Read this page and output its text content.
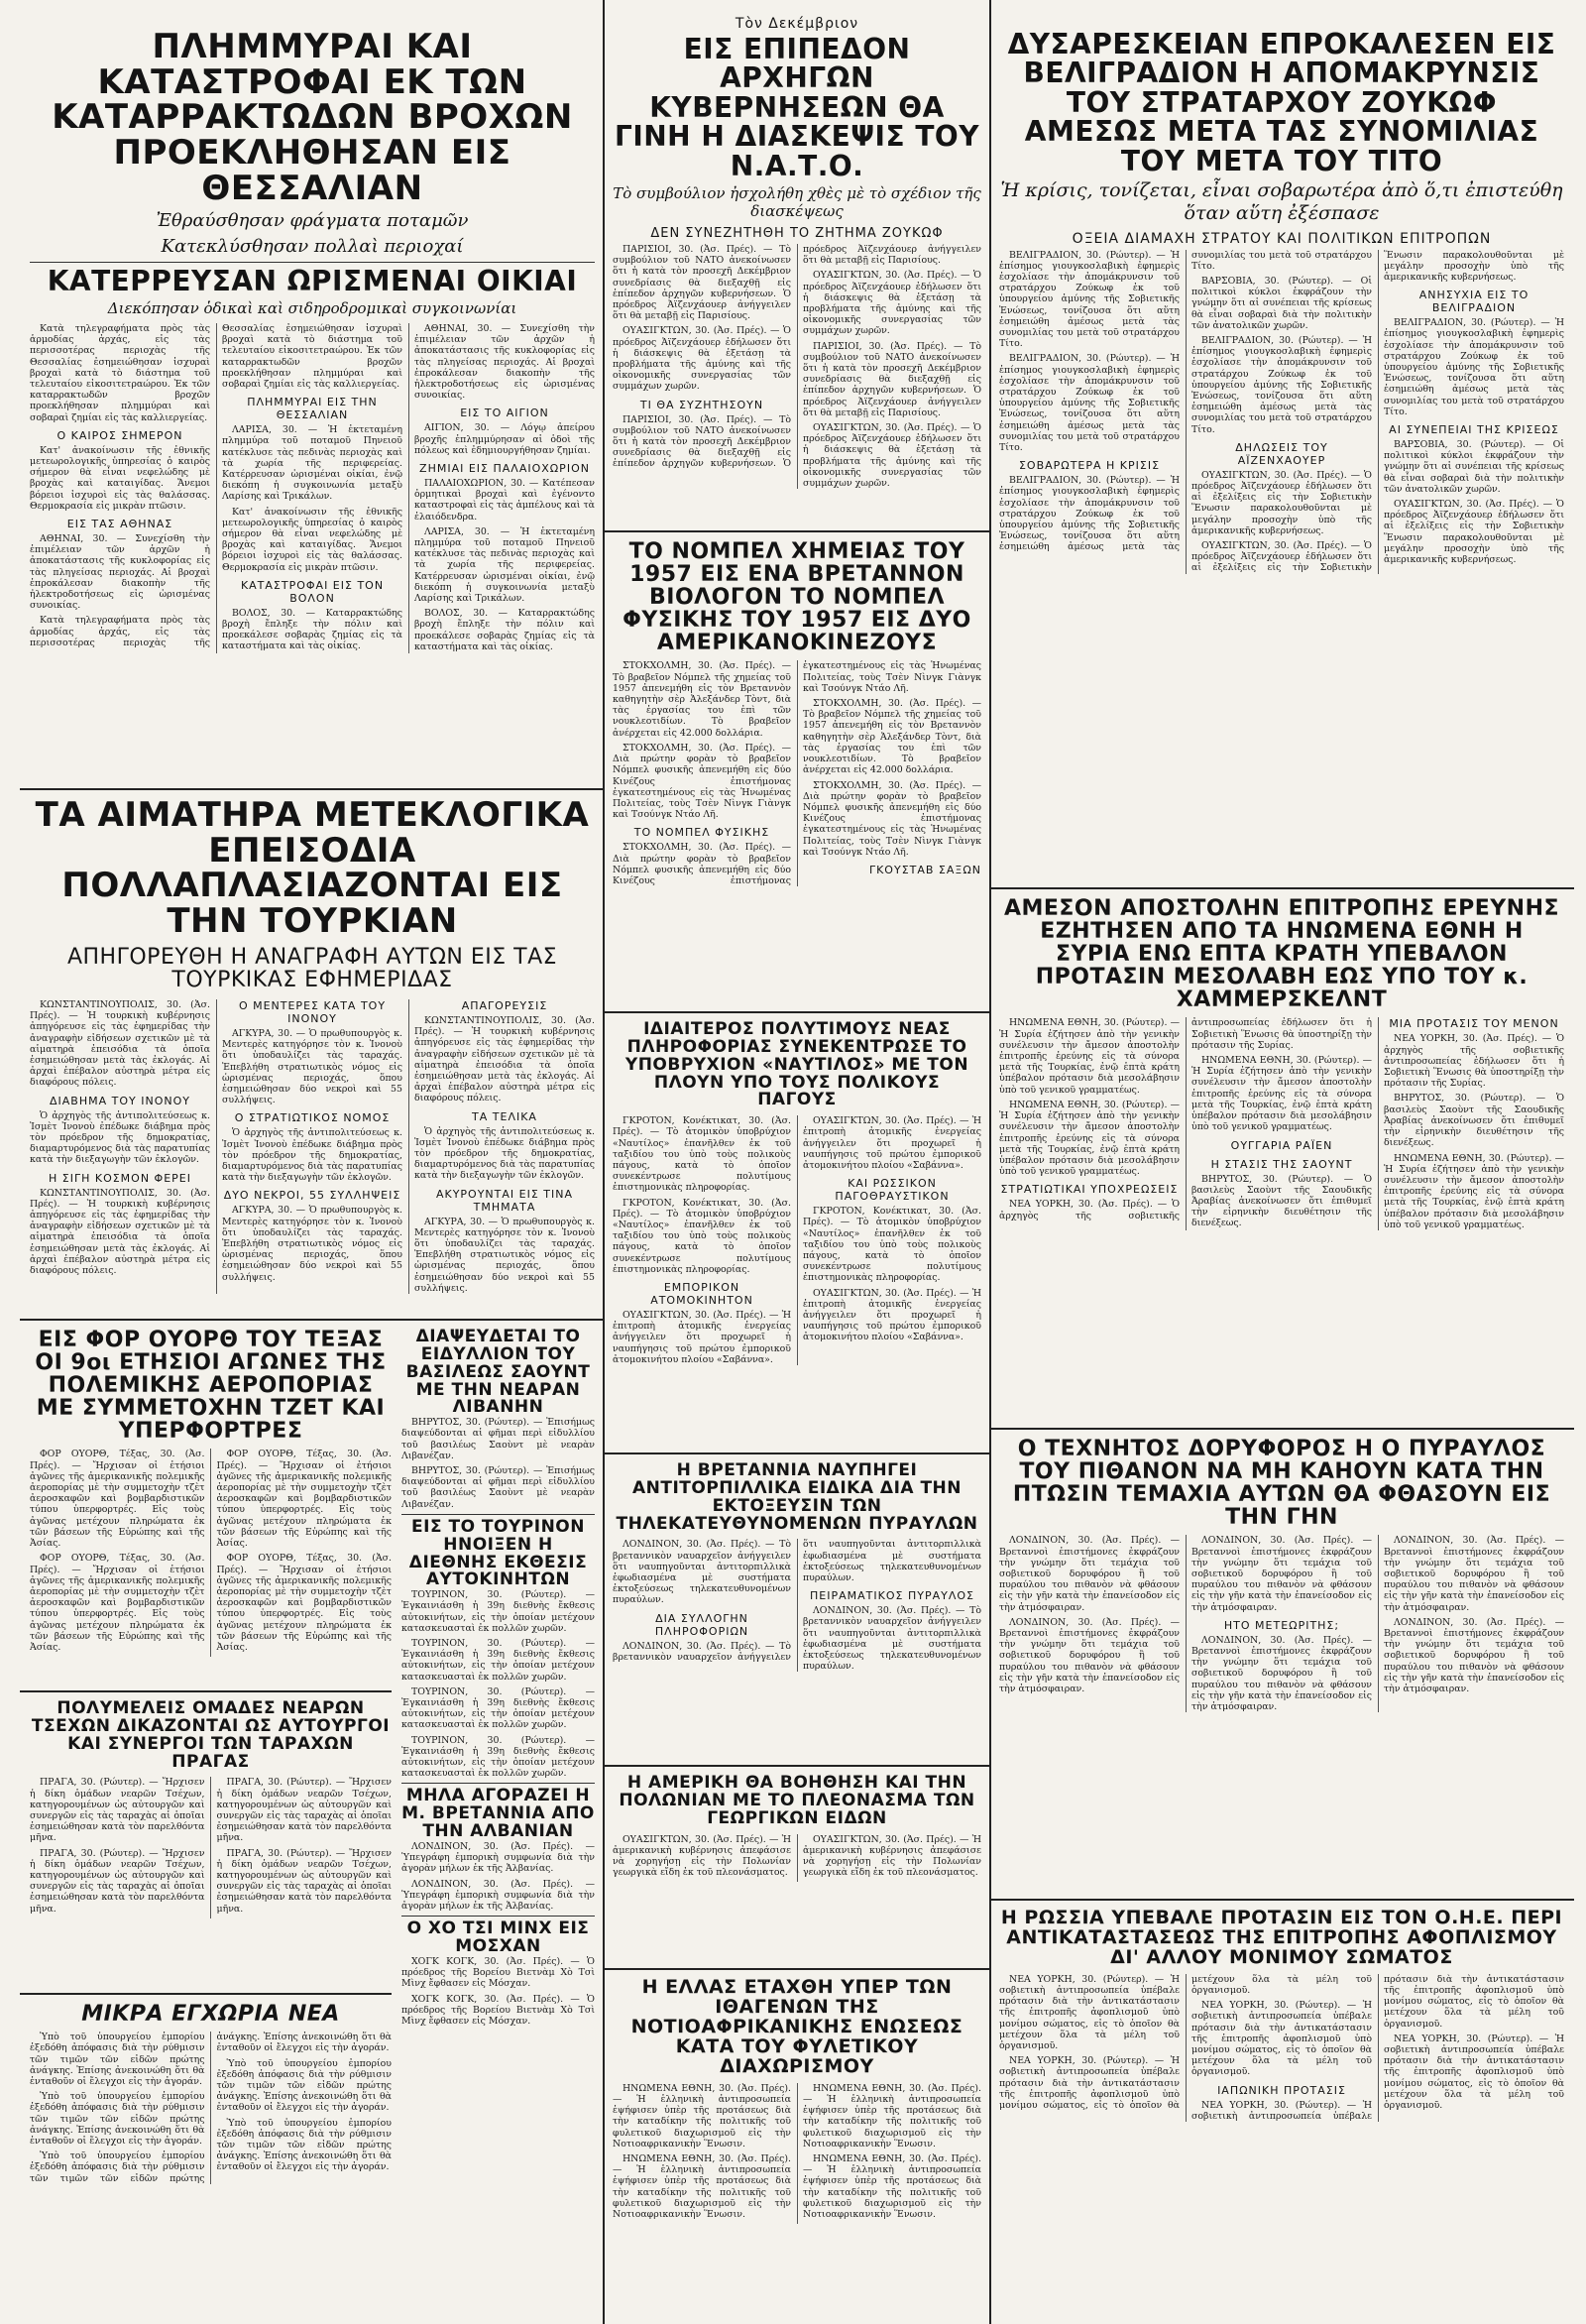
ΠΛΗΜΜΥΡΑΙ ΚΑΙ ΚΑΤΑΣΤΡΟΦΑΙ ΕΚ ΤΩΝ ΚΑΤΑΡΡΑΚΤΩΔΩΝ ΒΡΟΧΩΝ ΠΡΟΕΚΛΗΘΗΣΑΝ ΕΙΣ ΘΕΣΣΑΛΙΑΝ

Ἐθραύσθησαν φράγματα ποταμῶν

Κατεκλύσθησαν πολλαὶ περιοχαί

ΚΑΤΕΡΡΕΥΣΑΝ ΩΡΙΣΜΕΝΑΙ ΟΙΚΙΑΙ

Διεκόπησαν ὁδικαὶ καὶ σιδηροδρομικαὶ συγκοινωνίαι

Κατὰ τηλεγραφήματα πρὸς τὰς ἁρμοδίας ἀρχάς, εἰς τὰς περισσοτέρας περιοχὰς τῆς Θεσσαλίας ἐσημειώθησαν ἰσχυραὶ βροχαὶ κατὰ τὸ διάστημα τοῦ τελευταίου εἰκοσιτετραώρου. Ἐκ τῶν καταρρακτωδῶν βροχῶν προεκλήθησαν πλημμύραι καὶ σοβαραὶ ζημίαι εἰς τὰς καλλιεργείας.

Ο ΚΑΙΡΟΣ ΣΗΜΕΡΟΝ

Κατ' ἀνακοίνωσιν τῆς ἐθνικῆς μετεωρολογικῆς ὑπηρεσίας ὁ καιρὸς σήμερον θὰ εἶναι νεφελώδης μὲ βροχὰς καὶ καταιγίδας. Ἄνεμοι βόρειοι ἰσχυροὶ εἰς τὰς θαλάσσας. Θερμοκρασία εἰς μικρὰν πτῶσιν.

ΕΙΣ ΤΑΣ ΑΘΗΝΑΣ

ΑΘΗΝΑΙ, 30. — Συνεχίσθη τὴν ἐπιμέλειαν τῶν ἀρχῶν ἡ ἀποκατάστασις τῆς κυκλοφορίας εἰς τὰς πληγείσας περιοχάς. Αἱ βροχαὶ ἐπροκάλεσαν διακοπὴν τῆς ἠλεκτροδοτήσεως εἰς ὡρισμένας συνοικίας.

Κατὰ τηλεγραφήματα πρὸς τὰς ἁρμοδίας ἀρχάς, εἰς τὰς περισσοτέρας περιοχὰς τῆς Θεσσαλίας ἐσημειώθησαν ἰσχυραὶ βροχαὶ κατὰ τὸ διάστημα τοῦ τελευταίου εἰκοσιτετραώρου. Ἐκ τῶν καταρρακτωδῶν βροχῶν προεκλήθησαν πλημμύραι καὶ σοβαραὶ ζημίαι εἰς τὰς καλλιεργείας.

ΠΛΗΜΜΥΡΑΙ ΕΙΣ ΤΗΝ ΘΕΣΣΑΛΙΑΝ

ΛΑΡΙΣΑ, 30. — Ἡ ἐκτεταμένη πλημμύρα τοῦ ποταμοῦ Πηνειοῦ κατέκλυσε τὰς πεδινὰς περιοχὰς καὶ τὰ χωρία τῆς περιφερείας. Κατέρρευσαν ὡρισμέναι οἰκίαι, ἐνῷ διεκόπη ἡ συγκοινωνία μεταξὺ Λαρίσης καὶ Τρικάλων.

Κατ' ἀνακοίνωσιν τῆς ἐθνικῆς μετεωρολογικῆς ὑπηρεσίας ὁ καιρὸς σήμερον θὰ εἶναι νεφελώδης μὲ βροχὰς καὶ καταιγίδας. Ἄνεμοι βόρειοι ἰσχυροὶ εἰς τὰς θαλάσσας. Θερμοκρασία εἰς μικρὰν πτῶσιν.

ΚΑΤΑΣΤΡΟΦΑΙ ΕΙΣ ΤΟΝ ΒΟΛΟΝ

ΒΟΛΟΣ, 30. — Καταρρακτώδης βροχὴ ἔπληξε τὴν πόλιν καὶ προεκάλεσε σοβαρὰς ζημίας εἰς τὰ καταστήματα καὶ τὰς οἰκίας.

ΑΘΗΝΑΙ, 30. — Συνεχίσθη τὴν ἐπιμέλειαν τῶν ἀρχῶν ἡ ἀποκατάστασις τῆς κυκλοφορίας εἰς τὰς πληγείσας περιοχάς. Αἱ βροχαὶ ἐπροκάλεσαν διακοπὴν τῆς ἠλεκτροδοτήσεως εἰς ὡρισμένας συνοικίας.

ΕΙΣ ΤΟ ΑΙΓΙΟΝ

ΑΙΓΙΟΝ, 30. — Λόγῳ ἀπείρου βροχῆς ἐπλημμύρησαν αἱ ὁδοὶ τῆς πόλεως καὶ ἐδημιουργήθησαν ζημίαι.

ΖΗΜΙΑΙ ΕΙΣ ΠΑΛΑΙΟΧΩΡΙΟΝ

ΠΑΛΑΙΟΧΩΡΙΟΝ, 30. — Κατέπεσαν ὀρμητικαὶ βροχαὶ καὶ ἐγένοντο καταστροφαὶ εἰς τὰς ἀμπέλους καὶ τὰ ἐλαιόδενδρα.

ΛΑΡΙΣΑ, 30. — Ἡ ἐκτεταμένη πλημμύρα τοῦ ποταμοῦ Πηνειοῦ κατέκλυσε τὰς πεδινὰς περιοχὰς καὶ τὰ χωρία τῆς περιφερείας. Κατέρρευσαν ὡρισμέναι οἰκίαι, ἐνῷ διεκόπη ἡ συγκοινωνία μεταξὺ Λαρίσης καὶ Τρικάλων.

ΒΟΛΟΣ, 30. — Καταρρακτώδης βροχὴ ἔπληξε τὴν πόλιν καὶ προεκάλεσε σοβαρὰς ζημίας εἰς τὰ καταστήματα καὶ τὰς οἰκίας.

ΤΑ ΑΙΜΑΤΗΡΑ ΜΕΤΕΚΛΟΓΙΚΑ ΕΠΕΙΣΟΔΙΑ ΠΟΛΛΑΠΛΑΣΙΑΖΟΝΤΑΙ ΕΙΣ ΤΗΝ ΤΟΥΡΚΙΑΝ

ΑΠΗΓΟΡΕΥΘΗ Η ΑΝΑΓΡΑΦΗ ΑΥΤΩΝ ΕΙΣ ΤΑΣ ΤΟΥΡΚΙΚΑΣ ΕΦΗΜΕΡΙΔΑΣ

ΚΩΝΣΤΑΝΤΙΝΟΥΠΟΛΙΣ, 30. (Ἀσ. Πρές). — Ἡ τουρκικὴ κυβέρνησις ἀπηγόρευσε εἰς τὰς ἐφημερίδας τὴν ἀναγραφὴν εἰδήσεων σχετικῶν μὲ τὰ αἱματηρὰ ἐπεισόδια τὰ ὁποῖα ἐσημειώθησαν μετὰ τὰς ἐκλογάς. Αἱ ἀρχαὶ ἐπέβαλον αὐστηρὰ μέτρα εἰς διαφόρους πόλεις.

ΔΙΑΒΗΜΑ ΤΟΥ ΙΝΟΝΟΥ

Ὁ ἀρχηγὸς τῆς ἀντιπολιτεύσεως κ. Ἰσμὲτ Ἰνονοὺ ἐπέδωκε διάβημα πρὸς τὸν πρόεδρον τῆς δημοκρατίας, διαμαρτυρόμενος διὰ τὰς παρατυπίας κατὰ τὴν διεξαγωγὴν τῶν ἐκλογῶν.

Η ΣΙΓΗ ΚΟΣΜΟΝ ΦΕΡΕΙ

ΚΩΝΣΤΑΝΤΙΝΟΥΠΟΛΙΣ, 30. (Ἀσ. Πρές). — Ἡ τουρκικὴ κυβέρνησις ἀπηγόρευσε εἰς τὰς ἐφημερίδας τὴν ἀναγραφὴν εἰδήσεων σχετικῶν μὲ τὰ αἱματηρὰ ἐπεισόδια τὰ ὁποῖα ἐσημειώθησαν μετὰ τὰς ἐκλογάς. Αἱ ἀρχαὶ ἐπέβαλον αὐστηρὰ μέτρα εἰς διαφόρους πόλεις.

Ο ΜΕΝΤΕΡΕΣ ΚΑΤΑ ΤΟΥ ΙΝΟΝΟΥ

ΑΓΚΥΡΑ, 30. — Ὁ πρωθυπουργὸς κ. Μεντερὲς κατηγόρησε τὸν κ. Ἰνονοὺ ὅτι ὑποδαυλίζει τὰς ταραχάς. Ἐπεβλήθη στρατιωτικὸς νόμος εἰς ὡρισμένας περιοχάς, ὅπου ἐσημειώθησαν δύο νεκροὶ καὶ 55 συλλήψεις.

Ο ΣΤΡΑΤΙΩΤΙΚΟΣ ΝΟΜΟΣ

Ὁ ἀρχηγὸς τῆς ἀντιπολιτεύσεως κ. Ἰσμὲτ Ἰνονοὺ ἐπέδωκε διάβημα πρὸς τὸν πρόεδρον τῆς δημοκρατίας, διαμαρτυρόμενος διὰ τὰς παρατυπίας κατὰ τὴν διεξαγωγὴν τῶν ἐκλογῶν.

ΔΥΟ ΝΕΚΡΟΙ, 55 ΣΥΛΛΗΨΕΙΣ

ΑΓΚΥΡΑ, 30. — Ὁ πρωθυπουργὸς κ. Μεντερὲς κατηγόρησε τὸν κ. Ἰνονοὺ ὅτι ὑποδαυλίζει τὰς ταραχάς. Ἐπεβλήθη στρατιωτικὸς νόμος εἰς ὡρισμένας περιοχάς, ὅπου ἐσημειώθησαν δύο νεκροὶ καὶ 55 συλλήψεις.

ΑΠΑΓΟΡΕΥΣΙΣ

ΚΩΝΣΤΑΝΤΙΝΟΥΠΟΛΙΣ, 30. (Ἀσ. Πρές). — Ἡ τουρκικὴ κυβέρνησις ἀπηγόρευσε εἰς τὰς ἐφημερίδας τὴν ἀναγραφὴν εἰδήσεων σχετικῶν μὲ τὰ αἱματηρὰ ἐπεισόδια τὰ ὁποῖα ἐσημειώθησαν μετὰ τὰς ἐκλογάς. Αἱ ἀρχαὶ ἐπέβαλον αὐστηρὰ μέτρα εἰς διαφόρους πόλεις.

ΤΑ ΤΕΛΙΚΑ

Ὁ ἀρχηγὸς τῆς ἀντιπολιτεύσεως κ. Ἰσμὲτ Ἰνονοὺ ἐπέδωκε διάβημα πρὸς τὸν πρόεδρον τῆς δημοκρατίας, διαμαρτυρόμενος διὰ τὰς παρατυπίας κατὰ τὴν διεξαγωγὴν τῶν ἐκλογῶν.

ΑΚΥΡΟΥΝΤΑΙ ΕΙΣ ΤΙΝΑ ΤΜΗΜΑΤΑ

ΑΓΚΥΡΑ, 30. — Ὁ πρωθυπουργὸς κ. Μεντερὲς κατηγόρησε τὸν κ. Ἰνονοὺ ὅτι ὑποδαυλίζει τὰς ταραχάς. Ἐπεβλήθη στρατιωτικὸς νόμος εἰς ὡρισμένας περιοχάς, ὅπου ἐσημειώθησαν δύο νεκροὶ καὶ 55 συλλήψεις.

ΕΙΣ ΦΟΡ ΟΥΟΡΘ ΤΟΥ ΤΕΞΑΣ ΟΙ 9οι ΕΤΗΣΙΟΙ ΑΓΩΝΕΣ ΤΗΣ ΠΟΛΕΜΙΚΗΣ ΑΕΡΟΠΟΡΙΑΣ ΜΕ ΣΥΜΜΕΤΟΧΗΝ ΤΖΕΤ ΚΑΙ ΥΠΕΡΦΟΡΤΡΕΣ

ΦΟΡ ΟΥΟΡΘ, Τέξας, 30. (Ἀσ. Πρές). — Ἤρχισαν οἱ ἐτήσιοι ἀγῶνες τῆς ἀμερικανικῆς πολεμικῆς ἀεροπορίας μὲ τὴν συμμετοχὴν τζὲτ ἀεροσκαφῶν καὶ βομβαρδιστικῶν τύπου ὑπερφορτρές. Εἰς τοὺς ἀγῶνας μετέχουν πληρώματα ἐκ τῶν βάσεων τῆς Εὐρώπης καὶ τῆς Ἀσίας.

ΦΟΡ ΟΥΟΡΘ, Τέξας, 30. (Ἀσ. Πρές). — Ἤρχισαν οἱ ἐτήσιοι ἀγῶνες τῆς ἀμερικανικῆς πολεμικῆς ἀεροπορίας μὲ τὴν συμμετοχὴν τζὲτ ἀεροσκαφῶν καὶ βομβαρδιστικῶν τύπου ὑπερφορτρές. Εἰς τοὺς ἀγῶνας μετέχουν πληρώματα ἐκ τῶν βάσεων τῆς Εὐρώπης καὶ τῆς Ἀσίας.

ΦΟΡ ΟΥΟΡΘ, Τέξας, 30. (Ἀσ. Πρές). — Ἤρχισαν οἱ ἐτήσιοι ἀγῶνες τῆς ἀμερικανικῆς πολεμικῆς ἀεροπορίας μὲ τὴν συμμετοχὴν τζὲτ ἀεροσκαφῶν καὶ βομβαρδιστικῶν τύπου ὑπερφορτρές. Εἰς τοὺς ἀγῶνας μετέχουν πληρώματα ἐκ τῶν βάσεων τῆς Εὐρώπης καὶ τῆς Ἀσίας.

ΦΟΡ ΟΥΟΡΘ, Τέξας, 30. (Ἀσ. Πρές). — Ἤρχισαν οἱ ἐτήσιοι ἀγῶνες τῆς ἀμερικανικῆς πολεμικῆς ἀεροπορίας μὲ τὴν συμμετοχὴν τζὲτ ἀεροσκαφῶν καὶ βομβαρδιστικῶν τύπου ὑπερφορτρές. Εἰς τοὺς ἀγῶνας μετέχουν πληρώματα ἐκ τῶν βάσεων τῆς Εὐρώπης καὶ τῆς Ἀσίας.

ΔΙΑΨΕΥΔΕΤΑΙ ΤΟ ΕΙΔΥΛΛΙΟΝ ΤΟΥ ΒΑΣΙΛΕΩΣ ΣΑΟΥΝΤ ΜΕ ΤΗΝ ΝΕΑΡΑΝ ΛΙΒΑΝΗΝ

ΒΗΡΥΤΟΣ, 30. (Ρώυτερ). — Ἐπισήμως διαψεύδονται αἱ φῆμαι περὶ εἰδυλλίου τοῦ βασιλέως Σαοὺντ μὲ νεαρὰν Λιβανέζαν.

ΒΗΡΥΤΟΣ, 30. (Ρώυτερ). — Ἐπισήμως διαψεύδονται αἱ φῆμαι περὶ εἰδυλλίου τοῦ βασιλέως Σαοὺντ μὲ νεαρὰν Λιβανέζαν.

ΕΙΣ ΤΟ ΤΟΥΡΙΝΟΝ ΗΝΟΙΞΕΝ Η ΔΙΕΘΝΗΣ ΕΚΘΕΣΙΣ ΑΥΤΟΚΙΝΗΤΩΝ

ΤΟΥΡΙΝΟΝ, 30. (Ρώυτερ). — Ἐγκαινιάσθη ἡ 39η διεθνὴς ἔκθεσις αὐτοκινήτων, εἰς τὴν ὁποίαν μετέχουν κατασκευασταὶ ἐκ πολλῶν χωρῶν.

ΤΟΥΡΙΝΟΝ, 30. (Ρώυτερ). — Ἐγκαινιάσθη ἡ 39η διεθνὴς ἔκθεσις αὐτοκινήτων, εἰς τὴν ὁποίαν μετέχουν κατασκευασταὶ ἐκ πολλῶν χωρῶν.

ΤΟΥΡΙΝΟΝ, 30. (Ρώυτερ). — Ἐγκαινιάσθη ἡ 39η διεθνὴς ἔκθεσις αὐτοκινήτων, εἰς τὴν ὁποίαν μετέχουν κατασκευασταὶ ἐκ πολλῶν χωρῶν.

ΤΟΥΡΙΝΟΝ, 30. (Ρώυτερ). — Ἐγκαινιάσθη ἡ 39η διεθνὴς ἔκθεσις αὐτοκινήτων, εἰς τὴν ὁποίαν μετέχουν κατασκευασταὶ ἐκ πολλῶν χωρῶν.

ΜΗΛΑ ΑΓΟΡΑΖΕΙ Η Μ. ΒΡΕΤΑΝΝΙΑ ΑΠΟ ΤΗΝ ΑΛΒΑΝΙΑΝ

ΛΟΝΔΙΝΟΝ, 30. (Ἀσ. Πρές). — Ὑπεγράφη ἐμπορικὴ συμφωνία διὰ τὴν ἀγορὰν μήλων ἐκ τῆς Ἀλβανίας.

ΛΟΝΔΙΝΟΝ, 30. (Ἀσ. Πρές). — Ὑπεγράφη ἐμπορικὴ συμφωνία διὰ τὴν ἀγορὰν μήλων ἐκ τῆς Ἀλβανίας.

Ο ΧΟ ΤΣΙ ΜΙΝΧ ΕΙΣ ΜΟΣΧΑΝ

ΧΟΓΚ ΚΟΓΚ, 30. (Ἀσ. Πρές). — Ὁ πρόεδρος τῆς Βορείου Βιετνὰμ Χὸ Τσὶ Μὶνχ ἔφθασεν εἰς Μόσχαν.

ΧΟΓΚ ΚΟΓΚ, 30. (Ἀσ. Πρές). — Ὁ πρόεδρος τῆς Βορείου Βιετνὰμ Χὸ Τσὶ Μὶνχ ἔφθασεν εἰς Μόσχαν.

ΠΟΛΥΜΕΛΕΙΣ ΟΜΑΔΕΣ ΝΕΑΡΩΝ ΤΣΕΧΩΝ ΔΙΚΑΖΟΝΤΑΙ ΩΣ ΑΥΤΟΥΡΓΟΙ ΚΑΙ ΣΥΝΕΡΓΟΙ ΤΩΝ ΤΑΡΑΧΩΝ ΠΡΑΓΑΣ

ΠΡΑΓΑ, 30. (Ρώυτερ). — Ἤρχισεν ἡ δίκη ὁμάδων νεαρῶν Τσέχων, κατηγορουμένων ὡς αὐτουργῶν καὶ συνεργῶν εἰς τὰς ταραχὰς αἱ ὁποῖαι ἐσημειώθησαν κατὰ τὸν παρελθόντα μῆνα.

ΠΡΑΓΑ, 30. (Ρώυτερ). — Ἤρχισεν ἡ δίκη ὁμάδων νεαρῶν Τσέχων, κατηγορουμένων ὡς αὐτουργῶν καὶ συνεργῶν εἰς τὰς ταραχὰς αἱ ὁποῖαι ἐσημειώθησαν κατὰ τὸν παρελθόντα μῆνα.

ΠΡΑΓΑ, 30. (Ρώυτερ). — Ἤρχισεν ἡ δίκη ὁμάδων νεαρῶν Τσέχων, κατηγορουμένων ὡς αὐτουργῶν καὶ συνεργῶν εἰς τὰς ταραχὰς αἱ ὁποῖαι ἐσημειώθησαν κατὰ τὸν παρελθόντα μῆνα.

ΠΡΑΓΑ, 30. (Ρώυτερ). — Ἤρχισεν ἡ δίκη ὁμάδων νεαρῶν Τσέχων, κατηγορουμένων ὡς αὐτουργῶν καὶ συνεργῶν εἰς τὰς ταραχὰς αἱ ὁποῖαι ἐσημειώθησαν κατὰ τὸν παρελθόντα μῆνα.

ΜΙΚΡΑ ΕΓΧΩΡΙΑ ΝΕΑ

Ὑπὸ τοῦ ὑπουργείου ἐμπορίου ἐξεδόθη ἀπόφασις διὰ τὴν ρύθμισιν τῶν τιμῶν τῶν εἰδῶν πρώτης ἀνάγκης. Ἐπίσης ἀνεκοινώθη ὅτι θὰ ἐνταθοῦν οἱ ἔλεγχοι εἰς τὴν ἀγοράν.

Ὑπὸ τοῦ ὑπουργείου ἐμπορίου ἐξεδόθη ἀπόφασις διὰ τὴν ρύθμισιν τῶν τιμῶν τῶν εἰδῶν πρώτης ἀνάγκης. Ἐπίσης ἀνεκοινώθη ὅτι θὰ ἐνταθοῦν οἱ ἔλεγχοι εἰς τὴν ἀγοράν.

Ὑπὸ τοῦ ὑπουργείου ἐμπορίου ἐξεδόθη ἀπόφασις διὰ τὴν ρύθμισιν τῶν τιμῶν τῶν εἰδῶν πρώτης ἀνάγκης. Ἐπίσης ἀνεκοινώθη ὅτι θὰ ἐνταθοῦν οἱ ἔλεγχοι εἰς τὴν ἀγοράν.

Ὑπὸ τοῦ ὑπουργείου ἐμπορίου ἐξεδόθη ἀπόφασις διὰ τὴν ρύθμισιν τῶν τιμῶν τῶν εἰδῶν πρώτης ἀνάγκης. Ἐπίσης ἀνεκοινώθη ὅτι θὰ ἐνταθοῦν οἱ ἔλεγχοι εἰς τὴν ἀγοράν.

Ὑπὸ τοῦ ὑπουργείου ἐμπορίου ἐξεδόθη ἀπόφασις διὰ τὴν ρύθμισιν τῶν τιμῶν τῶν εἰδῶν πρώτης ἀνάγκης. Ἐπίσης ἀνεκοινώθη ὅτι θὰ ἐνταθοῦν οἱ ἔλεγχοι εἰς τὴν ἀγοράν.

Τὸν Δεκέμβριον

ΕΙΣ ΕΠΙΠΕΔΟΝ ΑΡΧΗΓΩΝ ΚΥΒΕΡΝΗΣΕΩΝ ΘΑ ΓΙΝΗ Η ΔΙΑΣΚΕΨΙΣ ΤΟΥ Ν.Α.Τ.Ο.

Τὸ συμβούλιον ἠσχολήθη χθὲς μὲ τὸ σχέδιον τῆς διασκέψεως

ΔΕΝ ΣΥΝΕΖΗΤΗΘΗ ΤΟ ΖΗΤΗΜΑ ΖΟΥΚΩΦ

ΠΑΡΙΣΙΟΙ, 30. (Ἀσ. Πρές). — Τὸ συμβούλιον τοῦ ΝΑΤΟ ἀνεκοίνωσεν ὅτι ἡ κατὰ τὸν προσεχῆ Δεκέμβριον συνεδρίασις θὰ διεξαχθῇ εἰς ἐπίπεδον ἀρχηγῶν κυβερνήσεων. Ὁ πρόεδρος Ἀϊζενχάουερ ἀνήγγειλεν ὅτι θὰ μεταβῇ εἰς Παρισίους.

ΟΥΑΣΙΓΚΤΩΝ, 30. (Ἀσ. Πρές). — Ὁ πρόεδρος Ἀϊζενχάουερ ἐδήλωσεν ὅτι ἡ διάσκεψις θὰ ἐξετάσῃ τὰ προβλήματα τῆς ἀμύνης καὶ τῆς οἰκονομικῆς συνεργασίας τῶν συμμάχων χωρῶν.

ΤΙ ΘΑ ΣΥΖΗΤΗΣΟΥΝ

ΠΑΡΙΣΙΟΙ, 30. (Ἀσ. Πρές). — Τὸ συμβούλιον τοῦ ΝΑΤΟ ἀνεκοίνωσεν ὅτι ἡ κατὰ τὸν προσεχῆ Δεκέμβριον συνεδρίασις θὰ διεξαχθῇ εἰς ἐπίπεδον ἀρχηγῶν κυβερνήσεων. Ὁ πρόεδρος Ἀϊζενχάουερ ἀνήγγειλεν ὅτι θὰ μεταβῇ εἰς Παρισίους.

ΟΥΑΣΙΓΚΤΩΝ, 30. (Ἀσ. Πρές). — Ὁ πρόεδρος Ἀϊζενχάουερ ἐδήλωσεν ὅτι ἡ διάσκεψις θὰ ἐξετάσῃ τὰ προβλήματα τῆς ἀμύνης καὶ τῆς οἰκονομικῆς συνεργασίας τῶν συμμάχων χωρῶν.

ΠΑΡΙΣΙΟΙ, 30. (Ἀσ. Πρές). — Τὸ συμβούλιον τοῦ ΝΑΤΟ ἀνεκοίνωσεν ὅτι ἡ κατὰ τὸν προσεχῆ Δεκέμβριον συνεδρίασις θὰ διεξαχθῇ εἰς ἐπίπεδον ἀρχηγῶν κυβερνήσεων. Ὁ πρόεδρος Ἀϊζενχάουερ ἀνήγγειλεν ὅτι θὰ μεταβῇ εἰς Παρισίους.

ΟΥΑΣΙΓΚΤΩΝ, 30. (Ἀσ. Πρές). — Ὁ πρόεδρος Ἀϊζενχάουερ ἐδήλωσεν ὅτι ἡ διάσκεψις θὰ ἐξετάσῃ τὰ προβλήματα τῆς ἀμύνης καὶ τῆς οἰκονομικῆς συνεργασίας τῶν συμμάχων χωρῶν.

ΤΟ ΝΟΜΠΕΛ ΧΗΜΕΙΑΣ ΤΟΥ 1957 ΕΙΣ ΕΝΑ ΒΡΕΤΑΝΝΟΝ ΒΙΟΛΟΓΟΝ ΤΟ ΝΟΜΠΕΛ ΦΥΣΙΚΗΣ ΤΟΥ 1957 ΕΙΣ ΔΥΟ ΑΜΕΡΙΚΑΝΟΚΙΝΕΖΟΥΣ

ΣΤΟΚΧΟΛΜΗ, 30. (Ἀσ. Πρές). — Τὸ βραβεῖον Νόμπελ τῆς χημείας τοῦ 1957 ἀπενεμήθη εἰς τὸν Βρεταννὸν καθηγητὴν σὲρ Ἀλεξάνδερ Τὸντ, διὰ τὰς ἐργασίας του ἐπὶ τῶν νουκλεοτιδίων. Τὸ βραβεῖον ἀνέρχεται εἰς 42.000 δολλάρια.

ΣΤΟΚΧΟΛΜΗ, 30. (Ἀσ. Πρές). — Διὰ πρώτην φορὰν τὸ βραβεῖον Νόμπελ φυσικῆς ἀπενεμήθη εἰς δύο Κινέζους ἐπιστήμονας ἐγκατεστημένους εἰς τὰς Ἡνωμένας Πολιτείας, τοὺς Τσὲν Νὶνγκ Γιὰνγκ καὶ Τσούνγκ Ντάο Λῆ.

ΤΟ ΝΟΜΠΕΛ ΦΥΣΙΚΗΣ

ΣΤΟΚΧΟΛΜΗ, 30. (Ἀσ. Πρές). — Διὰ πρώτην φορὰν τὸ βραβεῖον Νόμπελ φυσικῆς ἀπενεμήθη εἰς δύο Κινέζους ἐπιστήμονας ἐγκατεστημένους εἰς τὰς Ἡνωμένας Πολιτείας, τοὺς Τσὲν Νὶνγκ Γιὰνγκ καὶ Τσούνγκ Ντάο Λῆ.

ΣΤΟΚΧΟΛΜΗ, 30. (Ἀσ. Πρές). — Τὸ βραβεῖον Νόμπελ τῆς χημείας τοῦ 1957 ἀπενεμήθη εἰς τὸν Βρεταννὸν καθηγητὴν σὲρ Ἀλεξάνδερ Τὸντ, διὰ τὰς ἐργασίας του ἐπὶ τῶν νουκλεοτιδίων. Τὸ βραβεῖον ἀνέρχεται εἰς 42.000 δολλάρια.

ΣΤΟΚΧΟΛΜΗ, 30. (Ἀσ. Πρές). — Διὰ πρώτην φορὰν τὸ βραβεῖον Νόμπελ φυσικῆς ἀπενεμήθη εἰς δύο Κινέζους ἐπιστήμονας ἐγκατεστημένους εἰς τὰς Ἡνωμένας Πολιτείας, τοὺς Τσὲν Νὶνγκ Γιὰνγκ καὶ Τσούνγκ Ντάο Λῆ.

ΓΚΟΥΣΤΑΒ ΣΑΞΩΝ

ΙΔΙΑΙΤΕΡΟΣ ΠΟΛΥΤΙΜΟΥΣ ΝΕΑΣ ΠΛΗΡΟΦΟΡΙΑΣ ΣΥΝΕΚΕΝΤΡΩΣΕ ΤΟ ΥΠΟΒΡΥΧΙΟΝ «ΝΑΥΤΙΛΟΣ» ΜΕ ΤΟΝ ΠΛΟΥΝ ΥΠΟ ΤΟΥΣ ΠΟΛΙΚΟΥΣ ΠΑΓΟΥΣ

ΓΚΡΟΤΟΝ, Κονέκτικατ, 30. (Ἀσ. Πρές). — Τὸ ἀτομικὸν ὑποβρύχιον «Ναυτίλος» ἐπανῆλθεν ἐκ τοῦ ταξιδίου του ὑπὸ τοὺς πολικοὺς πάγους, κατὰ τὸ ὁποῖον συνεκέντρωσε πολυτίμους ἐπιστημονικὰς πληροφορίας.

ΓΚΡΟΤΟΝ, Κονέκτικατ, 30. (Ἀσ. Πρές). — Τὸ ἀτομικὸν ὑποβρύχιον «Ναυτίλος» ἐπανῆλθεν ἐκ τοῦ ταξιδίου του ὑπὸ τοὺς πολικοὺς πάγους, κατὰ τὸ ὁποῖον συνεκέντρωσε πολυτίμους ἐπιστημονικὰς πληροφορίας.

ΕΜΠΟΡΙΚΟΝ ΑΤΟΜΟΚΙΝΗΤΟΝ

ΟΥΑΣΙΓΚΤΩΝ, 30. (Ἀσ. Πρές). — Ἡ ἐπιτροπὴ ἀτομικῆς ἐνεργείας ἀνήγγειλεν ὅτι προχωρεῖ ἡ ναυπήγησις τοῦ πρώτου ἐμπορικοῦ ἀτομοκινήτου πλοίου «Σαβάννα».

ΟΥΑΣΙΓΚΤΩΝ, 30. (Ἀσ. Πρές). — Ἡ ἐπιτροπὴ ἀτομικῆς ἐνεργείας ἀνήγγειλεν ὅτι προχωρεῖ ἡ ναυπήγησις τοῦ πρώτου ἐμπορικοῦ ἀτομοκινήτου πλοίου «Σαβάννα».

ΚΑΙ ΡΩΣΣΙΚΟΝ ΠΑΓΟΘΡΑΥΣΤΙΚΟΝ

ΓΚΡΟΤΟΝ, Κονέκτικατ, 30. (Ἀσ. Πρές). — Τὸ ἀτομικὸν ὑποβρύχιον «Ναυτίλος» ἐπανῆλθεν ἐκ τοῦ ταξιδίου του ὑπὸ τοὺς πολικοὺς πάγους, κατὰ τὸ ὁποῖον συνεκέντρωσε πολυτίμους ἐπιστημονικὰς πληροφορίας.

ΟΥΑΣΙΓΚΤΩΝ, 30. (Ἀσ. Πρές). — Ἡ ἐπιτροπὴ ἀτομικῆς ἐνεργείας ἀνήγγειλεν ὅτι προχωρεῖ ἡ ναυπήγησις τοῦ πρώτου ἐμπορικοῦ ἀτομοκινήτου πλοίου «Σαβάννα».

Η ΒΡΕΤΑΝΝΙΑ ΝΑΥΠΗΓΕΙ ΑΝΤΙΤΟΡΠΙΛΛΙΚΑ ΕΙΔΙΚΑ ΔΙΑ ΤΗΝ ΕΚΤΟΞΕΥΣΙΝ ΤΩΝ ΤΗΛΕΚΑΤΕΥΘΥΝΟΜΕΝΩΝ ΠΥΡΑΥΛΩΝ

ΛΟΝΔΙΝΟΝ, 30. (Ἀσ. Πρές). — Τὸ βρεταννικὸν ναυαρχεῖον ἀνήγγειλεν ὅτι ναυπηγοῦνται ἀντιτορπιλλικὰ ἐφωδιασμένα μὲ συστήματα ἐκτοξεύσεως τηλεκατευθυνομένων πυραύλων.

ΔΙΑ ΣΥΛΛΟΓΗΝ ΠΛΗΡΟΦΟΡΙΩΝ

ΛΟΝΔΙΝΟΝ, 30. (Ἀσ. Πρές). — Τὸ βρεταννικὸν ναυαρχεῖον ἀνήγγειλεν ὅτι ναυπηγοῦνται ἀντιτορπιλλικὰ ἐφωδιασμένα μὲ συστήματα ἐκτοξεύσεως τηλεκατευθυνομένων πυραύλων.

ΠΕΙΡΑΜΑΤΙΚΟΣ ΠΥΡΑΥΛΟΣ

ΛΟΝΔΙΝΟΝ, 30. (Ἀσ. Πρές). — Τὸ βρεταννικὸν ναυαρχεῖον ἀνήγγειλεν ὅτι ναυπηγοῦνται ἀντιτορπιλλικὰ ἐφωδιασμένα μὲ συστήματα ἐκτοξεύσεως τηλεκατευθυνομένων πυραύλων.

Η ΑΜΕΡΙΚΗ ΘΑ ΒΟΗΘΗΣΗ ΚΑΙ ΤΗΝ ΠΟΛΩΝΙΑΝ ΜΕ ΤΟ ΠΛΕΟΝΑΣΜΑ ΤΩΝ ΓΕΩΡΓΙΚΩΝ ΕΙΔΩΝ

ΟΥΑΣΙΓΚΤΩΝ, 30. (Ἀσ. Πρές). — Ἡ ἀμερικανικὴ κυβέρνησις ἀπεφάσισε νὰ χορηγήσῃ εἰς τὴν Πολωνίαν γεωργικὰ εἴδη ἐκ τοῦ πλεονάσματος.

ΟΥΑΣΙΓΚΤΩΝ, 30. (Ἀσ. Πρές). — Ἡ ἀμερικανικὴ κυβέρνησις ἀπεφάσισε νὰ χορηγήσῃ εἰς τὴν Πολωνίαν γεωργικὰ εἴδη ἐκ τοῦ πλεονάσματος.

Η ΕΛΛΑΣ ΕΤΑΧΘΗ ΥΠΕΡ ΤΩΝ ΙΘΑΓΕΝΩΝ ΤΗΣ ΝΟΤΙΟΑΦΡΙΚΑΝΙΚΗΣ ΕΝΩΣΕΩΣ ΚΑΤΑ ΤΟΥ ΦΥΛΕΤΙΚΟΥ ΔΙΑΧΩΡΙΣΜΟΥ

ΗΝΩΜΕΝΑ ΕΘΝΗ, 30. (Ἀσ. Πρές). — Ἡ ἑλληνικὴ ἀντιπροσωπεία ἐψήφισεν ὑπὲρ τῆς προτάσεως διὰ τὴν καταδίκην τῆς πολιτικῆς τοῦ φυλετικοῦ διαχωρισμοῦ εἰς τὴν Νοτιοαφρικανικὴν Ἕνωσιν.

ΗΝΩΜΕΝΑ ΕΘΝΗ, 30. (Ἀσ. Πρές). — Ἡ ἑλληνικὴ ἀντιπροσωπεία ἐψήφισεν ὑπὲρ τῆς προτάσεως διὰ τὴν καταδίκην τῆς πολιτικῆς τοῦ φυλετικοῦ διαχωρισμοῦ εἰς τὴν Νοτιοαφρικανικὴν Ἕνωσιν.

ΗΝΩΜΕΝΑ ΕΘΝΗ, 30. (Ἀσ. Πρές). — Ἡ ἑλληνικὴ ἀντιπροσωπεία ἐψήφισεν ὑπὲρ τῆς προτάσεως διὰ τὴν καταδίκην τῆς πολιτικῆς τοῦ φυλετικοῦ διαχωρισμοῦ εἰς τὴν Νοτιοαφρικανικὴν Ἕνωσιν.

ΗΝΩΜΕΝΑ ΕΘΝΗ, 30. (Ἀσ. Πρές). — Ἡ ἑλληνικὴ ἀντιπροσωπεία ἐψήφισεν ὑπὲρ τῆς προτάσεως διὰ τὴν καταδίκην τῆς πολιτικῆς τοῦ φυλετικοῦ διαχωρισμοῦ εἰς τὴν Νοτιοαφρικανικὴν Ἕνωσιν.

ΔΥΣΑΡΕΣΚΕΙΑΝ ΕΠΡΟΚΑΛΕΣΕΝ ΕΙΣ ΒΕΛΙΓΡΑΔΙΟΝ Η ΑΠΟΜΑΚΡΥΝΣΙΣ ΤΟΥ ΣΤΡΑΤΑΡΧΟΥ ΖΟΥΚΩΦ ΑΜΕΣΩΣ ΜΕΤΑ ΤΑΣ ΣΥΝΟΜΙΛΙΑΣ ΤΟΥ ΜΕΤΑ ΤΟΥ ΤΙΤΟ

Ἡ κρίσις, τονίζεται, εἶναι σοβαρωτέρα ἀπὸ ὅ,τι ἐπιστεύθη ὅταν αὕτη ἐξέσπασε

ΟΞΕΙΑ ΔΙΑΜΑΧΗ ΣΤΡΑΤΟΥ ΚΑΙ ΠΟΛΙΤΙΚΩΝ ΕΠΙΤΡΟΠΩΝ

ΒΕΛΙΓΡΑΔΙΟΝ, 30. (Ρώυτερ). — Ἡ ἐπίσημος γιουγκοσλαβικὴ ἐφημερὶς ἐσχολίασε τὴν ἀπομάκρυνσιν τοῦ στρατάρχου Ζούκωφ ἐκ τοῦ ὑπουργείου ἀμύνης τῆς Σοβιετικῆς Ἑνώσεως, τονίζουσα ὅτι αὕτη ἐσημειώθη ἀμέσως μετὰ τὰς συνομιλίας του μετὰ τοῦ στρατάρχου Τίτο.

ΒΕΛΙΓΡΑΔΙΟΝ, 30. (Ρώυτερ). — Ἡ ἐπίσημος γιουγκοσλαβικὴ ἐφημερὶς ἐσχολίασε τὴν ἀπομάκρυνσιν τοῦ στρατάρχου Ζούκωφ ἐκ τοῦ ὑπουργείου ἀμύνης τῆς Σοβιετικῆς Ἑνώσεως, τονίζουσα ὅτι αὕτη ἐσημειώθη ἀμέσως μετὰ τὰς συνομιλίας του μετὰ τοῦ στρατάρχου Τίτο.

ΣΟΒΑΡΩΤΕΡΑ Η ΚΡΙΣΙΣ

ΒΕΛΙΓΡΑΔΙΟΝ, 30. (Ρώυτερ). — Ἡ ἐπίσημος γιουγκοσλαβικὴ ἐφημερὶς ἐσχολίασε τὴν ἀπομάκρυνσιν τοῦ στρατάρχου Ζούκωφ ἐκ τοῦ ὑπουργείου ἀμύνης τῆς Σοβιετικῆς Ἑνώσεως, τονίζουσα ὅτι αὕτη ἐσημειώθη ἀμέσως μετὰ τὰς συνομιλίας του μετὰ τοῦ στρατάρχου Τίτο.

ΒΑΡΣΟΒΙΑ, 30. (Ρώυτερ). — Οἱ πολιτικοὶ κύκλοι ἐκφράζουν τὴν γνώμην ὅτι αἱ συνέπειαι τῆς κρίσεως θὰ εἶναι σοβαραὶ διὰ τὴν πολιτικὴν τῶν ἀνατολικῶν χωρῶν.

ΒΕΛΙΓΡΑΔΙΟΝ, 30. (Ρώυτερ). — Ἡ ἐπίσημος γιουγκοσλαβικὴ ἐφημερὶς ἐσχολίασε τὴν ἀπομάκρυνσιν τοῦ στρατάρχου Ζούκωφ ἐκ τοῦ ὑπουργείου ἀμύνης τῆς Σοβιετικῆς Ἑνώσεως, τονίζουσα ὅτι αὕτη ἐσημειώθη ἀμέσως μετὰ τὰς συνομιλίας του μετὰ τοῦ στρατάρχου Τίτο.

ΔΗΛΩΣΕΙΣ ΤΟΥ ΑΪΖΕΝΧΑΟΥΕΡ

ΟΥΑΣΙΓΚΤΩΝ, 30. (Ἀσ. Πρές). — Ὁ πρόεδρος Ἀϊζενχάουερ ἐδήλωσεν ὅτι αἱ ἐξελίξεις εἰς τὴν Σοβιετικὴν Ἕνωσιν παρακολουθοῦνται μὲ μεγάλην προσοχὴν ὑπὸ τῆς ἀμερικανικῆς κυβερνήσεως.

ΟΥΑΣΙΓΚΤΩΝ, 30. (Ἀσ. Πρές). — Ὁ πρόεδρος Ἀϊζενχάουερ ἐδήλωσεν ὅτι αἱ ἐξελίξεις εἰς τὴν Σοβιετικὴν Ἕνωσιν παρακολουθοῦνται μὲ μεγάλην προσοχὴν ὑπὸ τῆς ἀμερικανικῆς κυβερνήσεως.

ΑΝΗΣΥΧΙΑ ΕΙΣ ΤΟ ΒΕΛΙΓΡΑΔΙΟΝ

ΒΕΛΙΓΡΑΔΙΟΝ, 30. (Ρώυτερ). — Ἡ ἐπίσημος γιουγκοσλαβικὴ ἐφημερὶς ἐσχολίασε τὴν ἀπομάκρυνσιν τοῦ στρατάρχου Ζούκωφ ἐκ τοῦ ὑπουργείου ἀμύνης τῆς Σοβιετικῆς Ἑνώσεως, τονίζουσα ὅτι αὕτη ἐσημειώθη ἀμέσως μετὰ τὰς συνομιλίας του μετὰ τοῦ στρατάρχου Τίτο.

ΑΙ ΣΥΝΕΠΕΙΑΙ ΤΗΣ ΚΡΙΣΕΩΣ

ΒΑΡΣΟΒΙΑ, 30. (Ρώυτερ). — Οἱ πολιτικοὶ κύκλοι ἐκφράζουν τὴν γνώμην ὅτι αἱ συνέπειαι τῆς κρίσεως θὰ εἶναι σοβαραὶ διὰ τὴν πολιτικὴν τῶν ἀνατολικῶν χωρῶν.

ΟΥΑΣΙΓΚΤΩΝ, 30. (Ἀσ. Πρές). — Ὁ πρόεδρος Ἀϊζενχάουερ ἐδήλωσεν ὅτι αἱ ἐξελίξεις εἰς τὴν Σοβιετικὴν Ἕνωσιν παρακολουθοῦνται μὲ μεγάλην προσοχὴν ὑπὸ τῆς ἀμερικανικῆς κυβερνήσεως.

ΑΜΕΣΟΝ ΑΠΟΣΤΟΛΗΝ ΕΠΙΤΡΟΠΗΣ ΕΡΕΥΝΗΣ ΕΖΗΤΗΣΕΝ ΑΠΟ ΤΑ ΗΝΩΜΕΝΑ ΕΘΝΗ Η ΣΥΡΙΑ ΕΝΩ ΕΠΤΑ ΚΡΑΤΗ ΥΠΕΒΑΛΟΝ ΠΡΟΤΑΣΙΝ ΜΕΣΟΛΑΒΗ ΕΩΣ ΥΠΟ ΤΟΥ κ. ΧΑΜΜΕΡΣΚΕΛΝΤ

ΗΝΩΜΕΝΑ ΕΘΝΗ, 30. (Ρώυτερ). — Ἡ Συρία ἐζήτησεν ἀπὸ τὴν γενικὴν συνέλευσιν τὴν ἄμεσον ἀποστολὴν ἐπιτροπῆς ἐρεύνης εἰς τὰ σύνορα μετὰ τῆς Τουρκίας, ἐνῷ ἑπτὰ κράτη ὑπέβαλον πρότασιν διὰ μεσολάβησιν ὑπὸ τοῦ γενικοῦ γραμματέως.

ΗΝΩΜΕΝΑ ΕΘΝΗ, 30. (Ρώυτερ). — Ἡ Συρία ἐζήτησεν ἀπὸ τὴν γενικὴν συνέλευσιν τὴν ἄμεσον ἀποστολὴν ἐπιτροπῆς ἐρεύνης εἰς τὰ σύνορα μετὰ τῆς Τουρκίας, ἐνῷ ἑπτὰ κράτη ὑπέβαλον πρότασιν διὰ μεσολάβησιν ὑπὸ τοῦ γενικοῦ γραμματέως.

ΣΤΡΑΤΙΩΤΙΚΑΙ ΥΠΟΧΡΕΩΣΕΙΣ

ΝΕΑ ΥΟΡΚΗ, 30. (Ἀσ. Πρές). — Ὁ ἀρχηγὸς τῆς σοβιετικῆς ἀντιπροσωπείας ἐδήλωσεν ὅτι ἡ Σοβιετικὴ Ἕνωσις θὰ ὑποστηρίξῃ τὴν πρότασιν τῆς Συρίας.

ΗΝΩΜΕΝΑ ΕΘΝΗ, 30. (Ρώυτερ). — Ἡ Συρία ἐζήτησεν ἀπὸ τὴν γενικὴν συνέλευσιν τὴν ἄμεσον ἀποστολὴν ἐπιτροπῆς ἐρεύνης εἰς τὰ σύνορα μετὰ τῆς Τουρκίας, ἐνῷ ἑπτὰ κράτη ὑπέβαλον πρότασιν διὰ μεσολάβησιν ὑπὸ τοῦ γενικοῦ γραμματέως.

ΟΥΓΓΑΡΙΑ ΡΑΪΕΝ

Η ΣΤΑΣΙΣ ΤΗΣ ΣΑΟΥΝΤ

ΒΗΡΥΤΟΣ, 30. (Ρώυτερ). — Ὁ βασιλεὺς Σαοὺντ τῆς Σαουδικῆς Ἀραβίας ἀνεκοίνωσεν ὅτι ἐπιθυμεῖ τὴν εἰρηνικὴν διευθέτησιν τῆς διενέξεως.

ΜΙΑ ΠΡΟΤΑΣΙΣ ΤΟΥ ΜΕΝΟΝ

ΝΕΑ ΥΟΡΚΗ, 30. (Ἀσ. Πρές). — Ὁ ἀρχηγὸς τῆς σοβιετικῆς ἀντιπροσωπείας ἐδήλωσεν ὅτι ἡ Σοβιετικὴ Ἕνωσις θὰ ὑποστηρίξῃ τὴν πρότασιν τῆς Συρίας.

ΒΗΡΥΤΟΣ, 30. (Ρώυτερ). — Ὁ βασιλεὺς Σαοὺντ τῆς Σαουδικῆς Ἀραβίας ἀνεκοίνωσεν ὅτι ἐπιθυμεῖ τὴν εἰρηνικὴν διευθέτησιν τῆς διενέξεως.

ΗΝΩΜΕΝΑ ΕΘΝΗ, 30. (Ρώυτερ). — Ἡ Συρία ἐζήτησεν ἀπὸ τὴν γενικὴν συνέλευσιν τὴν ἄμεσον ἀποστολὴν ἐπιτροπῆς ἐρεύνης εἰς τὰ σύνορα μετὰ τῆς Τουρκίας, ἐνῷ ἑπτὰ κράτη ὑπέβαλον πρότασιν διὰ μεσολάβησιν ὑπὸ τοῦ γενικοῦ γραμματέως.

Ο ΤΕΧΝΗΤΟΣ ΔΟΡΥΦΟΡΟΣ Η Ο ΠΥΡΑΥΛΟΣ ΤΟΥ ΠΙΘΑΝΟΝ ΝΑ ΜΗ ΚΑΗΟΥΝ ΚΑΤΑ ΤΗΝ ΠΤΩΣΙΝ ΤΕΜΑΧΙΑ ΑΥΤΩΝ ΘΑ ΦΘΑΣΟΥΝ ΕΙΣ ΤΗΝ ΓΗΝ

ΛΟΝΔΙΝΟΝ, 30. (Ἀσ. Πρές). — Βρεταννοὶ ἐπιστήμονες ἐκφράζουν τὴν γνώμην ὅτι τεμάχια τοῦ σοβιετικοῦ δορυφόρου ἢ τοῦ πυραύλου του πιθανὸν νὰ φθάσουν εἰς τὴν γῆν κατὰ τὴν ἐπανείσοδον εἰς τὴν ἀτμόσφαιραν.

ΛΟΝΔΙΝΟΝ, 30. (Ἀσ. Πρές). — Βρεταννοὶ ἐπιστήμονες ἐκφράζουν τὴν γνώμην ὅτι τεμάχια τοῦ σοβιετικοῦ δορυφόρου ἢ τοῦ πυραύλου του πιθανὸν νὰ φθάσουν εἰς τὴν γῆν κατὰ τὴν ἐπανείσοδον εἰς τὴν ἀτμόσφαιραν.

ΛΟΝΔΙΝΟΝ, 30. (Ἀσ. Πρές). — Βρεταννοὶ ἐπιστήμονες ἐκφράζουν τὴν γνώμην ὅτι τεμάχια τοῦ σοβιετικοῦ δορυφόρου ἢ τοῦ πυραύλου του πιθανὸν νὰ φθάσουν εἰς τὴν γῆν κατὰ τὴν ἐπανείσοδον εἰς τὴν ἀτμόσφαιραν.

ΗΤΟ ΜΕΤΕΩΡΙΤΗΣ;

ΛΟΝΔΙΝΟΝ, 30. (Ἀσ. Πρές). — Βρεταννοὶ ἐπιστήμονες ἐκφράζουν τὴν γνώμην ὅτι τεμάχια τοῦ σοβιετικοῦ δορυφόρου ἢ τοῦ πυραύλου του πιθανὸν νὰ φθάσουν εἰς τὴν γῆν κατὰ τὴν ἐπανείσοδον εἰς τὴν ἀτμόσφαιραν.

ΛΟΝΔΙΝΟΝ, 30. (Ἀσ. Πρές). — Βρεταννοὶ ἐπιστήμονες ἐκφράζουν τὴν γνώμην ὅτι τεμάχια τοῦ σοβιετικοῦ δορυφόρου ἢ τοῦ πυραύλου του πιθανὸν νὰ φθάσουν εἰς τὴν γῆν κατὰ τὴν ἐπανείσοδον εἰς τὴν ἀτμόσφαιραν.

ΛΟΝΔΙΝΟΝ, 30. (Ἀσ. Πρές). — Βρεταννοὶ ἐπιστήμονες ἐκφράζουν τὴν γνώμην ὅτι τεμάχια τοῦ σοβιετικοῦ δορυφόρου ἢ τοῦ πυραύλου του πιθανὸν νὰ φθάσουν εἰς τὴν γῆν κατὰ τὴν ἐπανείσοδον εἰς τὴν ἀτμόσφαιραν.

Η ΡΩΣΣΙΑ ΥΠΕΒΑΛΕ ΠΡΟΤΑΣΙΝ ΕΙΣ ΤΟΝ Ο.Η.Ε. ΠΕΡΙ ΑΝΤΙΚΑΤΑΣΤΑΣΕΩΣ ΤΗΣ ΕΠΙΤΡΟΠΗΣ ΑΦΟΠΛΙΣΜΟΥ ΔΙ' ΑΛΛΟΥ ΜΟΝΙΜΟΥ ΣΩΜΑΤΟΣ

ΝΕΑ ΥΟΡΚΗ, 30. (Ρώυτερ). — Ἡ σοβιετικὴ ἀντιπροσωπεία ὑπέβαλε πρότασιν διὰ τὴν ἀντικατάστασιν τῆς ἐπιτροπῆς ἀφοπλισμοῦ ὑπὸ μονίμου σώματος, εἰς τὸ ὁποῖον θὰ μετέχουν ὅλα τὰ μέλη τοῦ ὀργανισμοῦ.

ΝΕΑ ΥΟΡΚΗ, 30. (Ρώυτερ). — Ἡ σοβιετικὴ ἀντιπροσωπεία ὑπέβαλε πρότασιν διὰ τὴν ἀντικατάστασιν τῆς ἐπιτροπῆς ἀφοπλισμοῦ ὑπὸ μονίμου σώματος, εἰς τὸ ὁποῖον θὰ μετέχουν ὅλα τὰ μέλη τοῦ ὀργανισμοῦ.

ΝΕΑ ΥΟΡΚΗ, 30. (Ρώυτερ). — Ἡ σοβιετικὴ ἀντιπροσωπεία ὑπέβαλε πρότασιν διὰ τὴν ἀντικατάστασιν τῆς ἐπιτροπῆς ἀφοπλισμοῦ ὑπὸ μονίμου σώματος, εἰς τὸ ὁποῖον θὰ μετέχουν ὅλα τὰ μέλη τοῦ ὀργανισμοῦ.

ΙΑΠΩΝΙΚΗ ΠΡΟΤΑΣΙΣ

ΝΕΑ ΥΟΡΚΗ, 30. (Ρώυτερ). — Ἡ σοβιετικὴ ἀντιπροσωπεία ὑπέβαλε πρότασιν διὰ τὴν ἀντικατάστασιν τῆς ἐπιτροπῆς ἀφοπλισμοῦ ὑπὸ μονίμου σώματος, εἰς τὸ ὁποῖον θὰ μετέχουν ὅλα τὰ μέλη τοῦ ὀργανισμοῦ.

ΝΕΑ ΥΟΡΚΗ, 30. (Ρώυτερ). — Ἡ σοβιετικὴ ἀντιπροσωπεία ὑπέβαλε πρότασιν διὰ τὴν ἀντικατάστασιν τῆς ἐπιτροπῆς ἀφοπλισμοῦ ὑπὸ μονίμου σώματος, εἰς τὸ ὁποῖον θὰ μετέχουν ὅλα τὰ μέλη τοῦ ὀργανισμοῦ.
